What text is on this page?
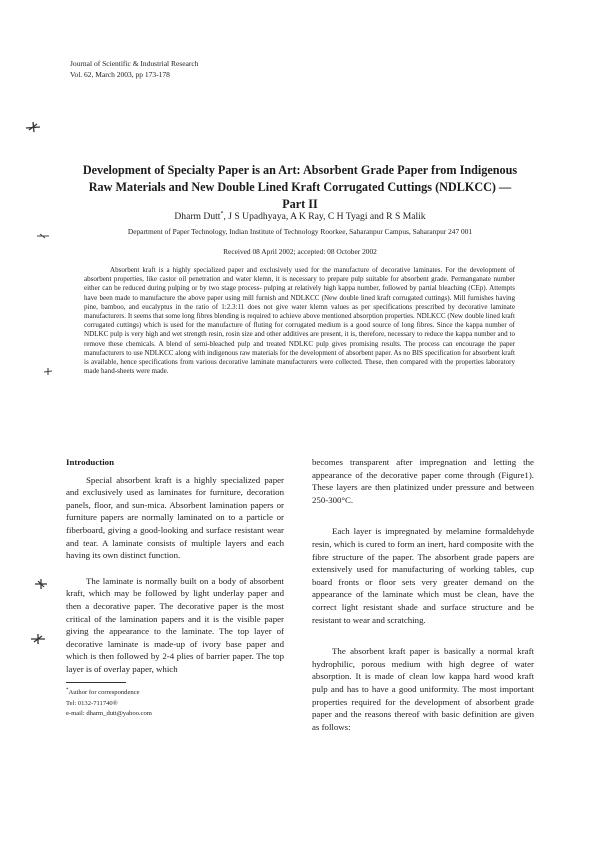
Journal of Scientific & Industrial Research
Vol. 62, March 2003, pp 173-178
Development of Specialty Paper is an Art: Absorbent Grade Paper from Indigenous Raw Materials and New Double Lined Kraft Corrugated Cuttings (NDLKCC) — Part II
Dharm Dutt*, J S Upadhyaya, A K Ray, C H Tyagi and R S Malik
Department of Paper Technology, Indian Institute of Technology Roorkee, Saharanpur Campus, Saharanpur 247 001
Received 08 April 2002; accepted: 08 October 2002
Absorbent kraft is a highly specialized paper and exclusively used for the manufacture of decorative laminates. For the development of absorbent properties, like castor oil penetration and water klemn, it is necessary to prepare pulp suitable for absorbent grade. Permanganate number either can be reduced during pulping or by two stage process- pulping at relatively high kappa number, followed by partial bleaching (CEp). Attempts have been made to manufacture the above paper using mill furnish and NDLKCC (New double lined kraft corrugated cuttings). Mill furnishes having pine, bamboo, and eucalyptus in the ratio of 1:2.3:11 does not give water klemn values as per specifications prescribed by decorative laminate manufacturers. It seems that some long fibres blending is required to achieve above mentioned absorption properties. NDLKCC (New double lined kraft corrugated cuttings) which is used for the manufacture of fluting for corrugated medium is a good source of long fibres. Since the kappa number of NDLKC pulp is very high and wet strength resin, rosin size and other additives are present, it is, therefore, necessary to reduce the kappa number and to remove these chemicals. A blend of semi-bleached pulp and treated NDLKC pulp gives promising results. The process can encourage the paper manufacturers to use NDLKCC along with indigenous raw materials for the development of absorbent paper. As no BIS specification for absorbent kraft is available, hence specifications from various decorative laminate manufacturers were collected. These, then compared with the properties laboratory made hand-sheets were made.

Introduction

Special absorbent kraft is a highly specialized paper and exclusively used as laminates for furniture, decoration panels, floor, and sun-mica. Absorbent lamination papers or furniture papers are normally laminated on to a particle or fiberboard, giving a good-looking and surface resistant wear and tear. A laminate consists of multiple layers and each having its own distinct function.

The laminate is normally built on a body of absorbent kraft, which may be followed by light underlay paper and then a decorative paper. The decorative paper is the most critical of the lamination papers and it is the visible paper giving the appearance to the laminate. The top layer of decorative laminate is made-up of ivory base paper and which is then followed by 2-4 plies of barrier paper. The top layer is of overlay paper, which

becomes transparent after impregnation and letting the appearance of the decorative paper come through (Figure1). These layers are then platinized under pressure and between 250-300°C.

Each layer is impregnated by melamine formaldehyde resin, which is cured to form an inert, hard composite with the fibre structure of the paper. The absorbent grade papers are extensively used for manufacturing of working tables, cup board fronts or floor sets very greater demand on the appearance of the laminate which must be clean, have the correct light resistant shade and surface structure and be resistant to wear and scratching.

The absorbent kraft paper is basically a normal kraft hydrophilic, porous medium with high degree of water absorption. It is made of clean low kappa hard wood kraft pulp and has to have a good uniformity. The most important properties required for the development of absorbent grade paper and the reasons thereof with basic definition are given as follows:

*Author for correspondence
Tel: 0132-711740®
e-mail: dharm_dutt@yahoo.com
